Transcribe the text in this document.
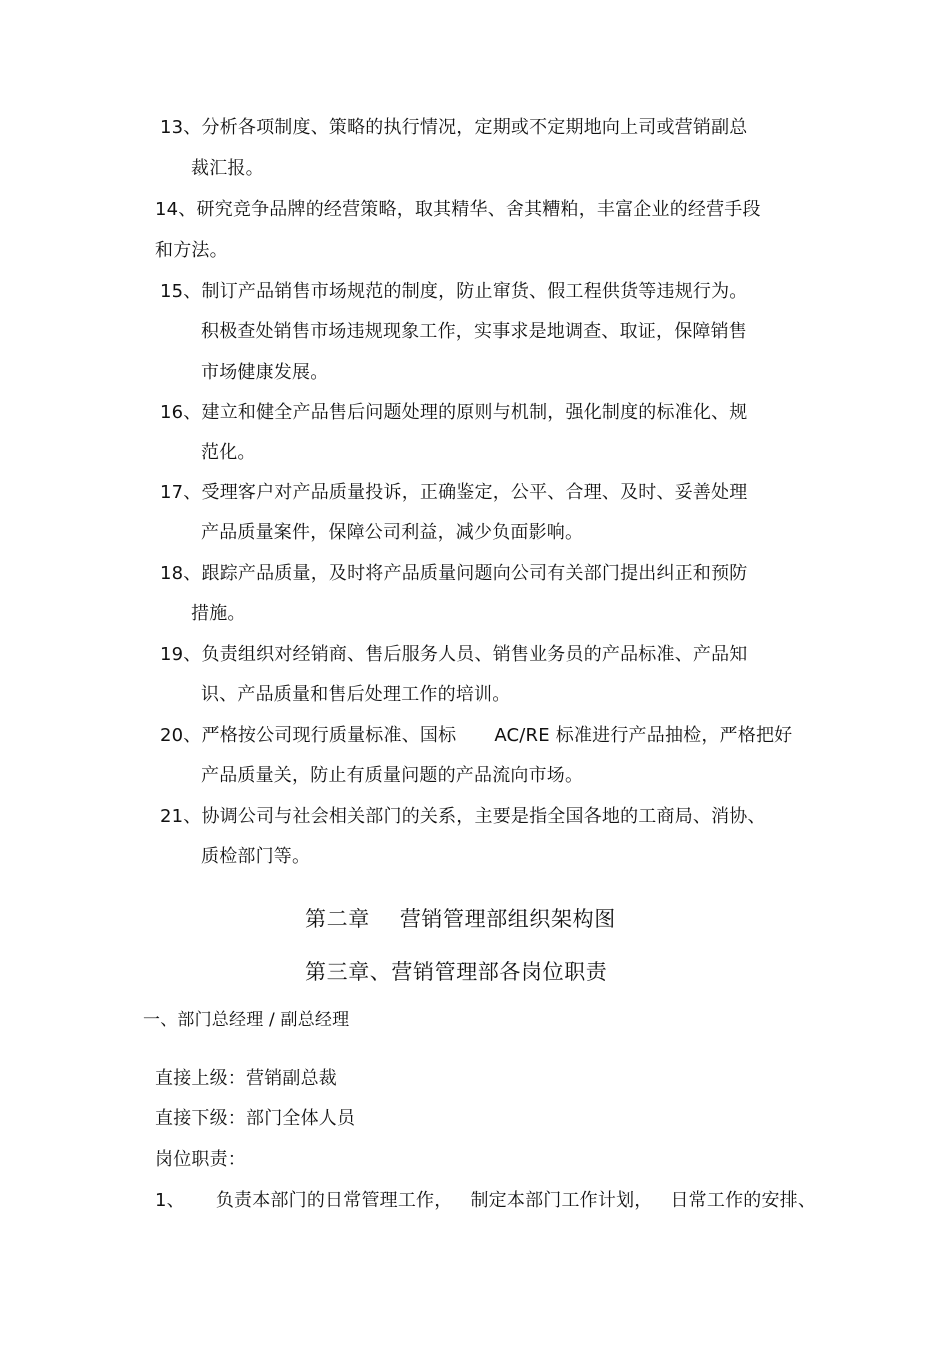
13、分析各项制度、策略的执行情况，定期或不定期地向上司或营销副总
裁汇报。
14、研究竞争品牌的经营策略，取其精华、舍其糟粕，丰富企业的经营手段
和方法。
15、制订产品销售市场规范的制度，防止窜货、假工程供货等违规行为。
积极查处销售市场违规现象工作，实事求是地调查、取证，保障销售
市场健康发展。
16、建立和健全产品售后问题处理的原则与机制，强化制度的标准化、规
范化。
17、受理客户对产品质量投诉，正确鉴定，公平、合理、及时、妥善处理
产品质量案件，保障公司利益，减少负面影响。
18、跟踪产品质量，及时将产品质量问题向公司有关部门提出纠正和预防
措施。
19、负责组织对经销商、售后服务人员、销售业务员的产品标准、产品知
识、产品质量和售后处理工作的培训。
20、严格按公司现行质量标准、国标 AC/RE 标准进行产品抽检，严格把好
产品质量关，防止有质量问题的产品流向市场。
21、协调公司与社会相关部门的关系，主要是指全国各地的工商局、消协、
质检部门等。
第二章 营销管理部组织架构图
第三章、营销管理部各岗位职责
一、部门总经理 / 副总经理
直接上级：营销副总裁
直接下级：部门全体人员
岗位职责：
1、 负责本部门的日常管理工作， 制定本部门工作计划， 日常工作的安排、
